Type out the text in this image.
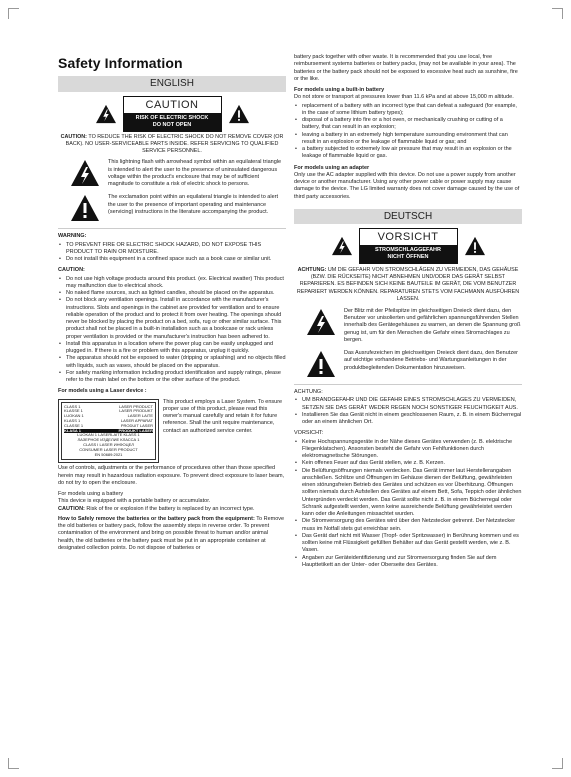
Safety Information
ENGLISH
CAUTION
RISK OF ELECTRIC SHOCK
DO NOT OPEN
CAUTION: TO REDUCE THE RISK OF ELECTRIC SHOCK DO NOT REMOVE COVER (OR BACK). NO USER-SERVICEABLE PARTS INSIDE. REFER SERVICING TO QUALIFIED SERVICE PERSONNEL.
This lightning flash with arrowhead symbol within an equilateral triangle is intended to alert the user to the presence of uninsulated dangerous voltage within the product's enclosure that may be of sufficient magnitude to constitute a risk of electric shock to persons.
The exclamation point within an equilateral triangle is intended to alert the user to the presence of important operating and maintenance (servicing) instructions in the literature accompanying the product.
WARNING:
• TO PREVENT FIRE OR ELECTRIC SHOCK HAZARD, DO NOT EXPOSE THIS PRODUCT TO RAIN OR MOISTURE.
• Do not install this equipment in a confined space such as a book case or similar unit.
CAUTION:
• Do not use high voltage products around this product. (ex. Electrical swatter) This product may malfunction due to electrical shock.
• No naked flame sources, such as lighted candles, should be placed on the apparatus.
• Do not block any ventilation openings. Install in accordance with the manufacturer's instructions. Slots and openings in the cabinet are provided for ventilation and to ensure reliable operation of the product and to protect it from over heating. The openings should never be blocked by placing the product on a bed, sofa, rug or other similar surface. This product shall not be placed in a built-in installation such as a bookcase or rack unless proper ventilation is provided or the manufacturer's instruction has been adhered to.
• Install this apparatus in a location where the power plug can be easily unplugged and plugged in. If there is a fire or problem with this apparatus, unplug it quickly.
• The apparatus should not be exposed to water (dripping or splashing) and no objects filled with liquids, such as vases, should be placed on the apparatus.
• For safety marking information including product identification and supply ratings, please refer to the main label on the bottom or the other surface of the product.
For models using a Laser device :
CLASS 1	LASER PRODUCT
KLASSE 1	LASER PRODUKT
LUOKAN 1	LASER LAITE
KLASS 1	LASER APPARAT
CLASSE 1	PRODUIT LASER
KLASA 1	PRODUKT LASER
LUOKAN 1 LASERLAITE KLASS 1
ЛАЗЕРНОЕ ИЗДЕЛИЕ КЛАССА 1
CLASS I LASER ИНФОЦЕЛ
CONSUMER LASER PRODUCT
EN 50689:2021

This product employs a Laser System. To ensure proper use of this product, please read this owner's manual carefully and retain it for future reference. Shall the unit require maintenance, contact an authorized service center.

Use of controls, adjustments or the performance of procedures other than those specified herein may result in hazardous radiation exposure. To prevent direct exposure to laser beam, do not try to open the enclosure.

For models using a battery

This device is equipped with a portable battery or accumulator.

CAUTION: Risk of fire or explosion if the battery is replaced by an incorrect type.

How to Safely remove the batteries or the battery pack from the equipment: To Remove the old batteries or battery pack, follow the assembly steps in reverse order. To prevent contamination of the environment and bring on possible threat to human and/or animal health, the old batteries or the battery pack must be put in an appropriate container at designated collection points. Do not dispose of batteries or

battery pack together with other waste. It is recommended that you use local, free reimbursement systems batteries or battery packs, (may not be available in your area). The batteries or the battery pack should not be exposed to excessive heat such as sunshine, fire or the like.

For models using a built-in battery

Do not store or transport at pressures lower than 11.6 kPa and at above 15,000 m altitude.

• replacement of a battery with an incorrect type that can defeat a safeguard (for example, in the case of some lithium battery types);
• disposal of a battery into fire or a hot oven, or mechanically crushing or cutting of a battery, that can result in an explosion;
• leaving a battery in an extremely high temperature surrounding environment that can result in an explosion or the leakage of flammable liquid or gas; and
• a battery subjected to extremely low air pressure that may result in an explosion or the leakage of flammable liquid or gas.
For models using an adapter

Only use the AC adapter supplied with this device. Do not use a power supply from another device or another manufacturer. Using any other power cable or power supply may cause damage to the device. The LG limited warranty does not cover damage caused by the use of third party accessories.

DEUTSCH
VORSICHT
STROMSCHLAGGEFAHR
NICHT ÖFFNEN
ACHTUNG: UM DIE GEFAHR VON STROMSCHLÄGEN ZU VERMEIDEN, DAS GEHÄUSE (BZW. DIE RÜCKSEITE) NICHT ABNEHMEN UND/ODER DAS GERÄT SELBST REPARIEREN. ES BEFINDEN SICH KEINE BAUTEILE IM GERÄT, DIE VOM BENUTZER REPARIERT WERDEN KÖNNEN. REPARATUREN STETS VOM FACHMANN AUSFÜHREN LASSEN.
Der Blitz mit der Pfeilspitze im gleichseitigen Dreieck dient dazu, den Benutzer vor unisolierten und gefährlichen spannungsführenden Stellen innerhalb des Gerätegehäuses zu warnen, an denen die Spannung groß genug ist, um für den Menschen die Gefahr eines Stromschlages zu bergen.
Das Ausrufezeichen im gleichseitigen Dreieck dient dazu, den Benutzer auf wichtige vorhandene Betriebs- und Wartungsanleitungen in der produktbegleitenden Dokumentation hinzuweisen.
ACHTUNG:
• UM BRANDGEFAHR UND DIE GEFAHR EINES STROMSCHLAGES ZU VERMEIDEN, SETZEN SIE DAS GERÄT WEDER REGEN NOCH SONSTIGER FEUCHTIGKEIT AUS.
• Installieren Sie das Gerät nicht in einem geschlossenen Raum, z. B. in einem Bücherregal oder an einem ähnlichen Ort.
VORSICHT:
• Keine Hochspannungsgeräte in der Nähe dieses Gerätes verwenden (z. B. elektrische Fliegenklatschen). Ansonsten besteht die Gefahr von Fehlfunktionen durch elektromagnetische Störungen.
• Kein offenes Feuer auf das Gerät stellen, wie z. B. Kerzen.
• Die Belüftungsöffnungen niemals verdecken. Das Gerät immer laut Herstellerangaben anschließen. Schlitze und Öffnungen im Gehäuse dienen der Belüftung, gewährleisten einen störungsfreien Betrieb des Gerätes und schützen es vor Überhitzung. Öffnungen sollten niemals durch Aufstellen des Gerätes auf einem Bett, Sofa, Teppich oder ähnlichen Untergründen verdeckt werden. Das Gerät sollte nicht z. B. in einem Bücherregal oder Schrank aufgestellt werden, wenn keine ausreichende Belüftung gewährleistet werden kann oder die Anleitungen missachtet wurden.
• Die Stromversorgung des Gerätes wird über den Netzstecker getrennt. Der Netzstecker muss im Notfall stets gut erreichbar sein.
• Das Gerät darf nicht mit Wasser (Tropf- oder Spritzwasser) in Berührung kommen und es sollten keine mit Flüssigkeit gefüllten Behälter auf das Gerät gestellt werden, wie z. B. Vasen.
• Angaben zur Geräteidentifizierung und zur Stromversorgung finden Sie auf dem Haupttetikett an der Unter- oder Oberseite des Gerätes.
